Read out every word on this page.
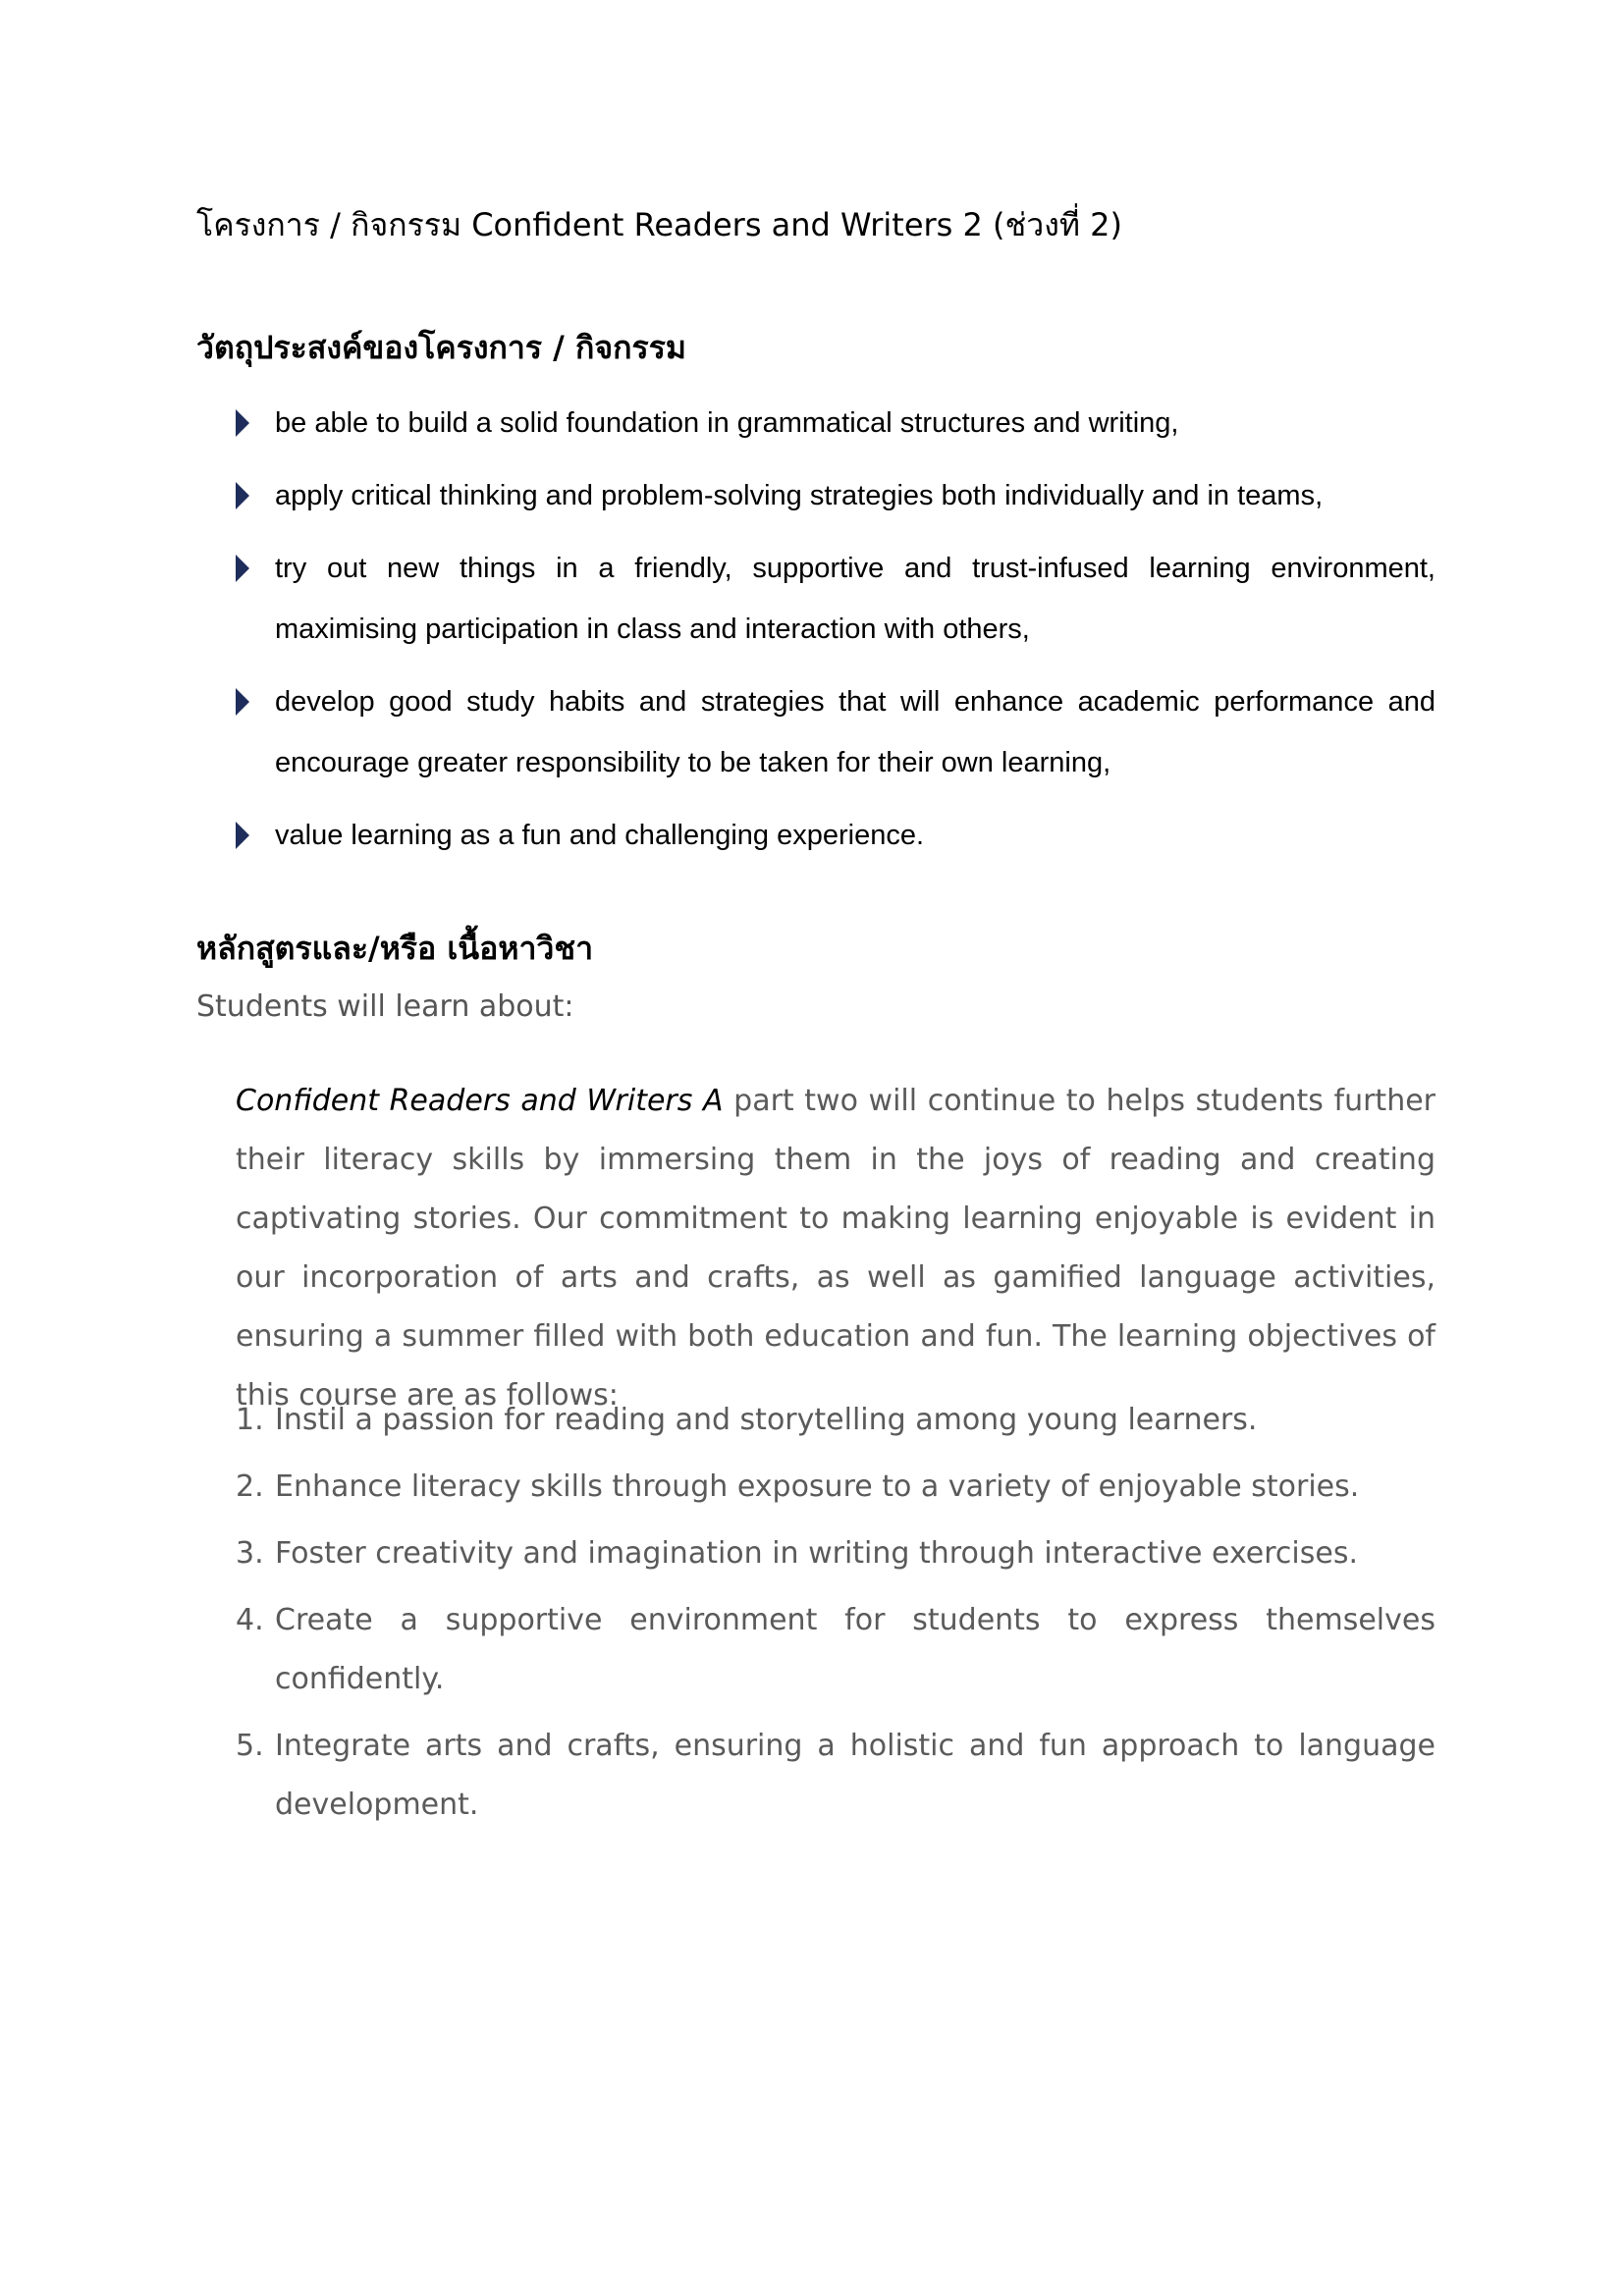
โครงการ / กิจกรรม Confident Readers and Writers 2 (ช่วงที่ 2)
วัตถุประสงค์ของโครงการ / กิจกรรม
be able to build a solid foundation in grammatical structures and writing,
apply critical thinking and problem-solving strategies both individually and in teams,
try out new things in a friendly, supportive and trust-infused learning environment, maximising participation in class and interaction with others,
develop good study habits and strategies that will enhance academic performance and encourage greater responsibility to be taken for their own learning,
value learning as a fun and challenging experience.
หลักสูตรและ/หรือ เนื้อหาวิชา
Students will learn about:

Confident Readers and Writers A part two will continue to helps students further their literacy skills by immersing them in the joys of reading and creating captivating stories. Our commitment to making learning enjoyable is evident in our incorporation of arts and crafts, as well as gamified language activities, ensuring a summer filled with both education and fun. The learning objectives of this course are as follows:

1. Instil a passion for reading and storytelling among young learners.
2. Enhance literacy skills through exposure to a variety of enjoyable stories.
3. Foster creativity and imagination in writing through interactive exercises.
4. Create a supportive environment for students to express themselves confidently.
5. Integrate arts and crafts, ensuring a holistic and fun approach to language development.
